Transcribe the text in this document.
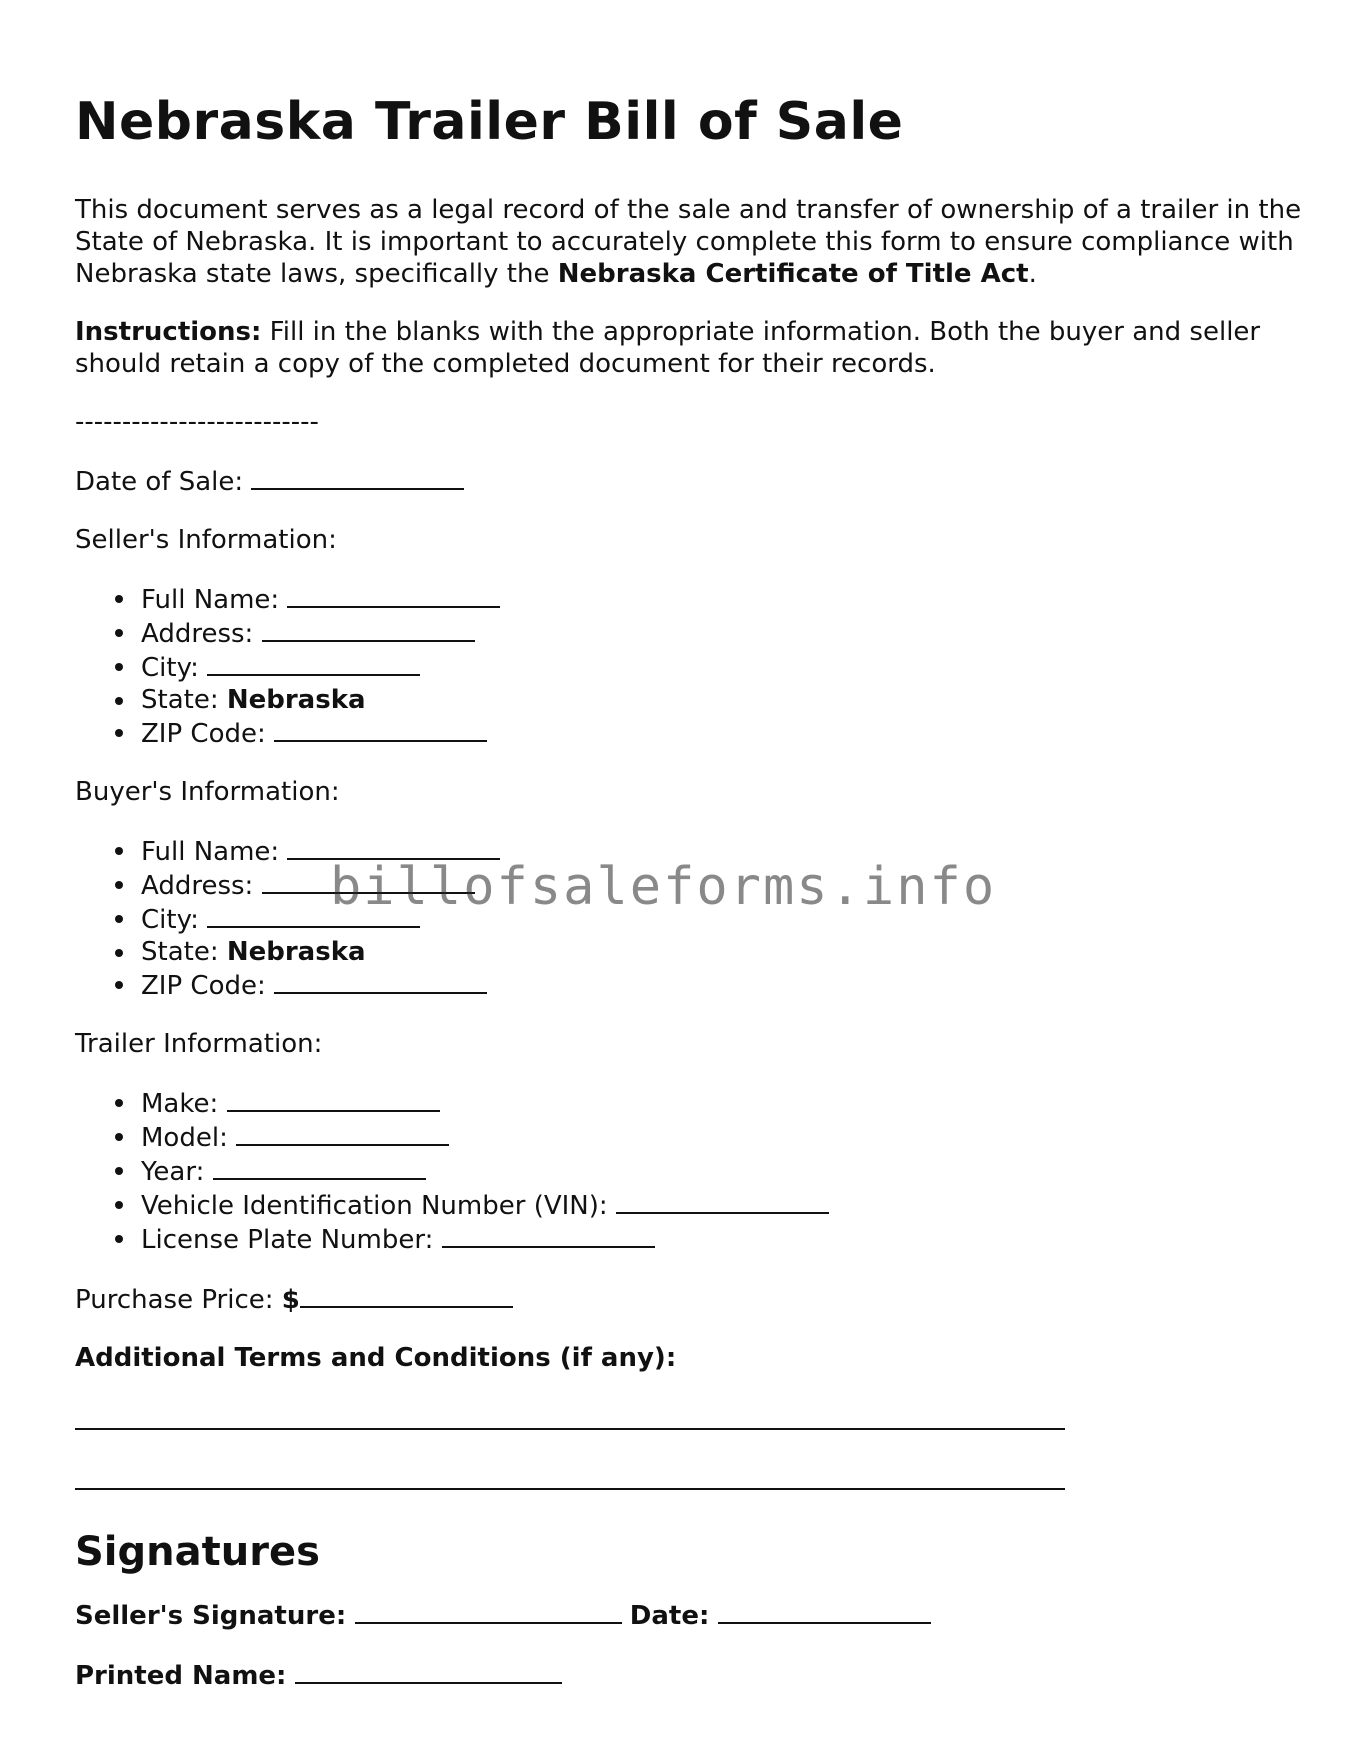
Nebraska Trailer Bill of Sale

This document serves as a legal record of the sale and transfer of ownership of a trailer in the State of Nebraska. It is important to accurately complete this form to ensure compliance with Nebraska state laws, specifically the Nebraska Certificate of Title Act.

Instructions: Fill in the blanks with the appropriate information. Both the buyer and seller should retain a copy of the completed document for their records.

--------------------------

Date of Sale:

Seller's Information:

Full Name:
Address:
City:
State: Nebraska
ZIP Code:

Buyer's Information:

Full Name:
Address:
City:
State: Nebraska
ZIP Code:

Trailer Information:

Make:
Model:
Year:
Vehicle Identification Number (VIN):
License Plate Number:

Purchase Price: $

Additional Terms and Conditions (if any):

Signatures

Seller's Signature:	Date:

Printed Name:

billofsaleforms.info
